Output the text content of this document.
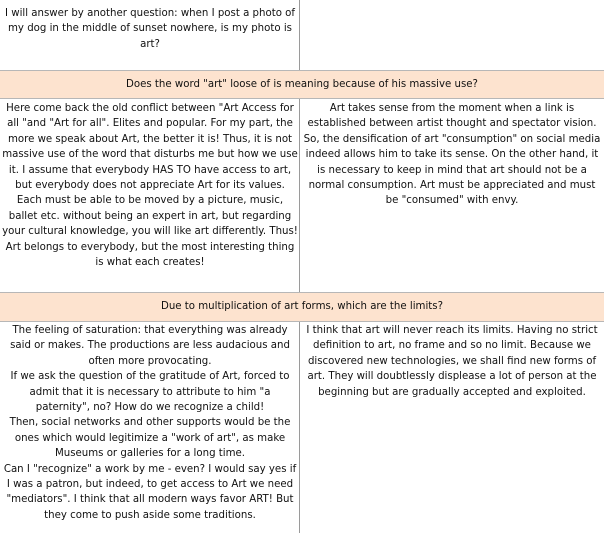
I will answer by another question: when I post a photo of my dog in the middle of sunset nowhere, is my photo is art?

Does the word "art" loose of is meaning because of his massive use?

Here come back the old conflict between "Art Access for all "and "Art for all". Elites and popular. For my part, the more we speak about Art, the better it is! Thus, it is not massive use of the word that disturbs me but how we use it. I assume that everybody HAS TO have access to art, but everybody does not appreciate Art for its values. Each must be able to be moved by a picture, music, ballet etc. without being an expert in art, but regarding your cultural knowledge, you will like art differently. Thus! Art belongs to everybody, but the most interesting thing is what each creates!

Art takes sense from the moment when a link is established between artist thought and spectator vision. So, the densification of art "consumption" on social media indeed allows him to take its sense. On the other hand, it is necessary to keep in mind that art should not be a normal consumption. Art must be appreciated and must be "consumed" with envy.

Due to multiplication of art forms, which are the limits?

The feeling of saturation: that everything was already said or makes. The productions are less audacious and often more provocating.

If we ask the question of the gratitude of Art, forced to admit that it is necessary to attribute to him "a paternity", no? How do we recognize a child!

Then, social networks and other supports would be the ones which would legitimize a "work of art", as make Museums or galleries for a long time.

Can I "recognize" a work by me - even? I would say yes if I was a patron, but indeed, to get access to Art we need "mediators". I think that all modern ways favor ART! But they come to push aside some traditions.

I think that art will never reach its limits. Having no strict definition to art, no frame and so no limit. Because we discovered new technologies, we shall find new forms of art. They will doubtlessly displease a lot of person at the beginning but are gradually accepted and exploited.
